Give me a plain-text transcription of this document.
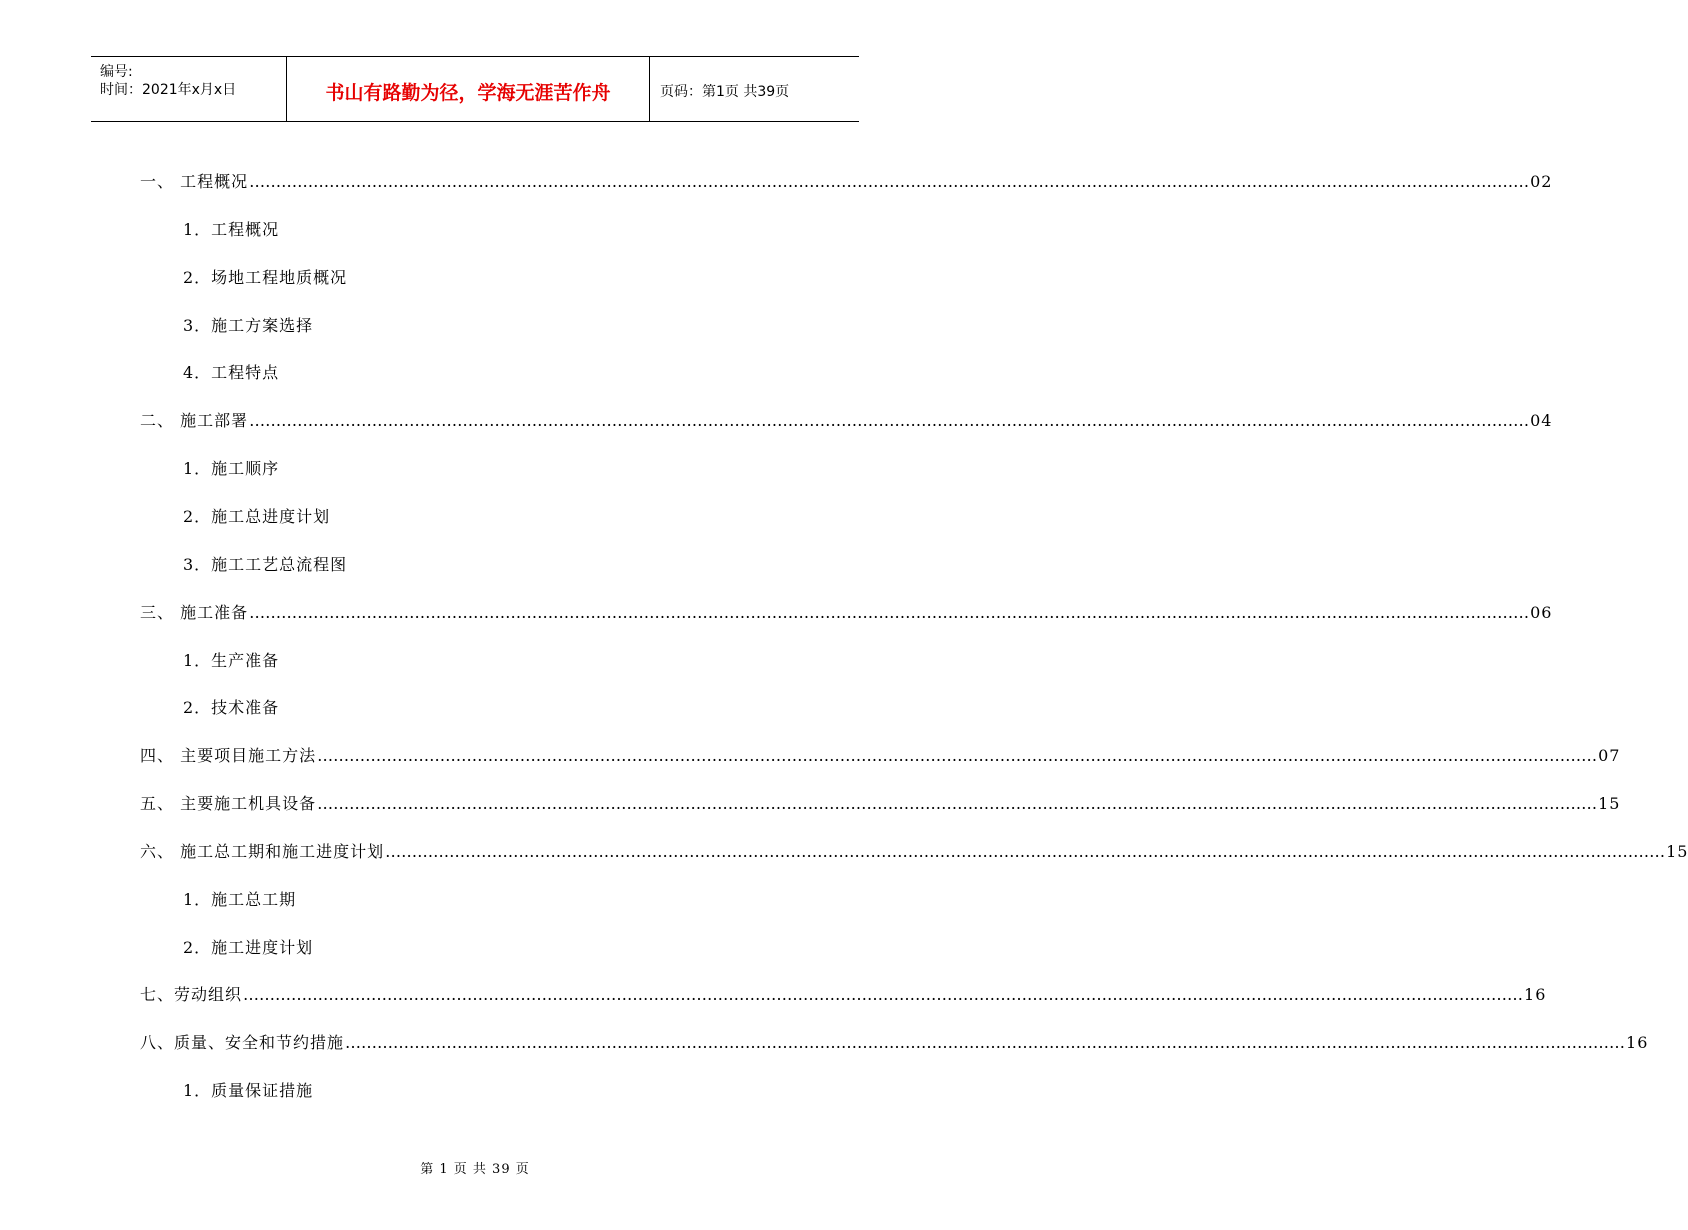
编号:
时间：2021年x月x日	书山有路勤为径，学海无涯苦作舟	页码：第1页 共39页
一、 工程概况 …………………………………………………………………………………………………………………………………………………………………………………………………………………… 02
1．工程概况
2．场地工程地质概况
3．施工方案选择
4．工程特点
二、 施工部署 …………………………………………………………………………………………………………………………………………………………………………………………………………………… 04
1．施工顺序
2．施工总进度计划
3．施工工艺总流程图
三、 施工准备 …………………………………………………………………………………………………………………………………………………………………………………………………………………… 06
1．生产准备
2．技术准备
四、 主要项目施工方法 …………………………………………………………………………………………………………………………………………………………………………………………………………………… 07
五、 主要施工机具设备 …………………………………………………………………………………………………………………………………………………………………………………………………………………… 15
六、 施工总工期和施工进度计划 …………………………………………………………………………………………………………………………………………………………………………………………………………………… 15
1．施工总工期
2．施工进度计划
七、劳动组织 …………………………………………………………………………………………………………………………………………………………………………………………………………………… 16
八、质量、安全和节约措施 …………………………………………………………………………………………………………………………………………………………………………………………………………………… 16
1．质量保证措施
第 1 页 共 39 页
